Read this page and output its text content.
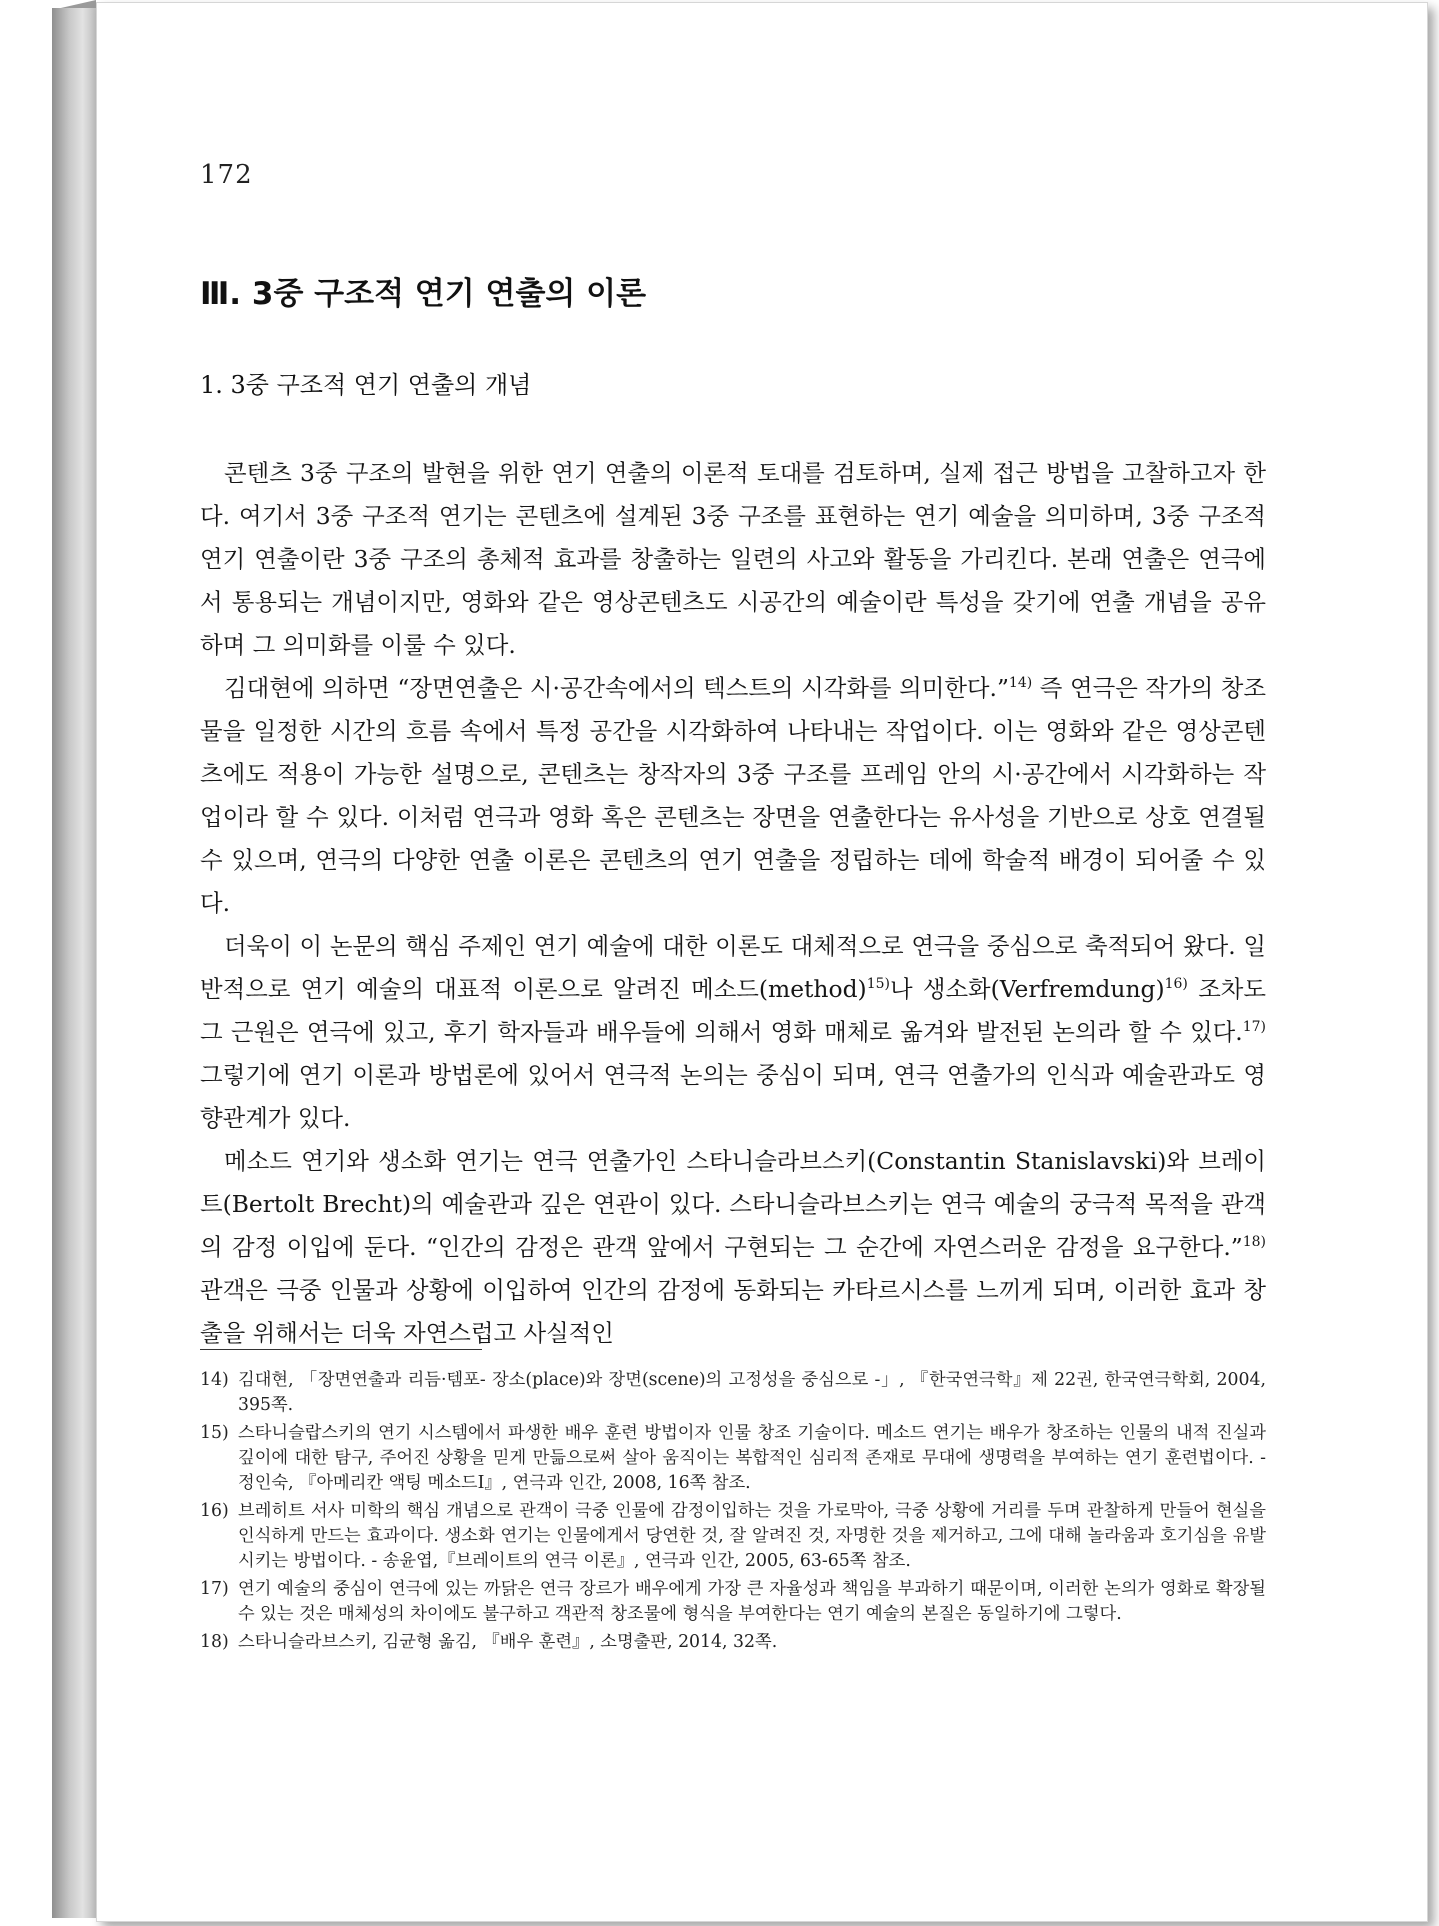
172
Ⅲ. 3중 구조적 연기 연출의 이론
1. 3중 구조적 연기 연출의 개념

콘텐츠 3중 구조의 발현을 위한 연기 연출의 이론적 토대를 검토하며, 실제 접근 방법을 고찰하고자 한다. 여기서 3중 구조적 연기는 콘텐츠에 설계된 3중 구조를 표현하는 연기 예술을 의미하며, 3중 구조적 연기 연출이란 3중 구조의 총체적 효과를 창출하는 일련의 사고와 활동을 가리킨다. 본래 연출은 연극에서 통용되는 개념이지만, 영화와 같은 영상콘텐츠도 시공간의 예술이란 특성을 갖기에 연출 개념을 공유하며 그 의미화를 이룰 수 있다.

김대현에 의하면 “장면연출은 시·공간속에서의 텍스트의 시각화를 의미한다.”$^{14)}$ 즉 연극은 작가의 창조물을 일정한 시간의 흐름 속에서 특정 공간을 시각화하여 나타내는 작업이다. 이는 영화와 같은 영상콘텐츠에도 적용이 가능한 설명으로, 콘텐츠는 창작자의 3중 구조를 프레임 안의 시·공간에서 시각화하는 작업이라 할 수 있다. 이처럼 연극과 영화 혹은 콘텐츠는 장면을 연출한다는 유사성을 기반으로 상호 연결될 수 있으며, 연극의 다양한 연출 이론은 콘텐츠의 연기 연출을 정립하는 데에 학술적 배경이 되어줄 수 있다.

더욱이 이 논문의 핵심 주제인 연기 예술에 대한 이론도 대체적으로 연극을 중심으로 축적되어 왔다. 일반적으로 연기 예술의 대표적 이론으로 알려진 메소드(method)$^{15)}$나 생소화(Verfremdung)$^{16)}$ 조차도 그 근원은 연극에 있고, 후기 학자들과 배우들에 의해서 영화 매체로 옮겨와 발전된 논의라 할 수 있다.$^{17)}$ 그렇기에 연기 이론과 방법론에 있어서 연극적 논의는 중심이 되며, 연극 연출가의 인식과 예술관과도 영향관계가 있다.

메소드 연기와 생소화 연기는 연극 연출가인 스타니슬라브스키(Constantin Stanislavski)와 브레이트(Bertolt Brecht)의 예술관과 깊은 연관이 있다. 스타니슬라브스키는 연극 예술의 궁극적 목적을 관객의 감정 이입에 둔다. “인간의 감정은 관객 앞에서 구현되는 그 순간에 자연스러운 감정을 요구한다.”$^{18)}$ 관객은 극중 인물과 상황에 이입하여 인간의 감정에 동화되는 카타르시스를 느끼게 되며, 이러한 효과 창출을 위해서는 더욱 자연스럽고 사실적인

14) 김대현, 「장면연출과 리듬·템포- 장소(place)와 장면(scene)의 고정성을 중심으로 -」, 『한국연극학』제 22권, 한국연극학회, 2004, 395쪽.
15) 스타니슬랍스키의 연기 시스템에서 파생한 배우 훈련 방법이자 인물 창조 기술이다. 메소드 연기는 배우가 창조하는 인물의 내적 진실과 깊이에 대한 탐구, 주어진 상황을 믿게 만듦으로써 살아 움직이는 복합적인 심리적 존재로 무대에 생명력을 부여하는 연기 훈련법이다. - 정인숙, 『아메리칸 액팅 메소드Ⅰ』, 연극과 인간, 2008, 16쪽 참조.
16) 브레히트 서사 미학의 핵심 개념으로 관객이 극중 인물에 감정이입하는 것을 가로막아, 극중 상황에 거리를 두며 관찰하게 만들어 현실을 인식하게 만드는 효과이다. 생소화 연기는 인물에게서 당연한 것, 잘 알려진 것, 자명한 것을 제거하고, 그에 대해 놀라움과 호기심을 유발시키는 방법이다. - 송윤엽,『브레이트의 연극 이론』, 연극과 인간, 2005, 63-65쪽 참조.
17) 연기 예술의 중심이 연극에 있는 까닭은 연극 장르가 배우에게 가장 큰 자율성과 책임을 부과하기 때문이며, 이러한 논의가 영화로 확장될 수 있는 것은 매체성의 차이에도 불구하고 객관적 창조물에 형식을 부여한다는 연기 예술의 본질은 동일하기에 그렇다.
18) 스타니슬라브스키, 김균형 옮김, 『배우 훈련』, 소명출판, 2014, 32쪽.
